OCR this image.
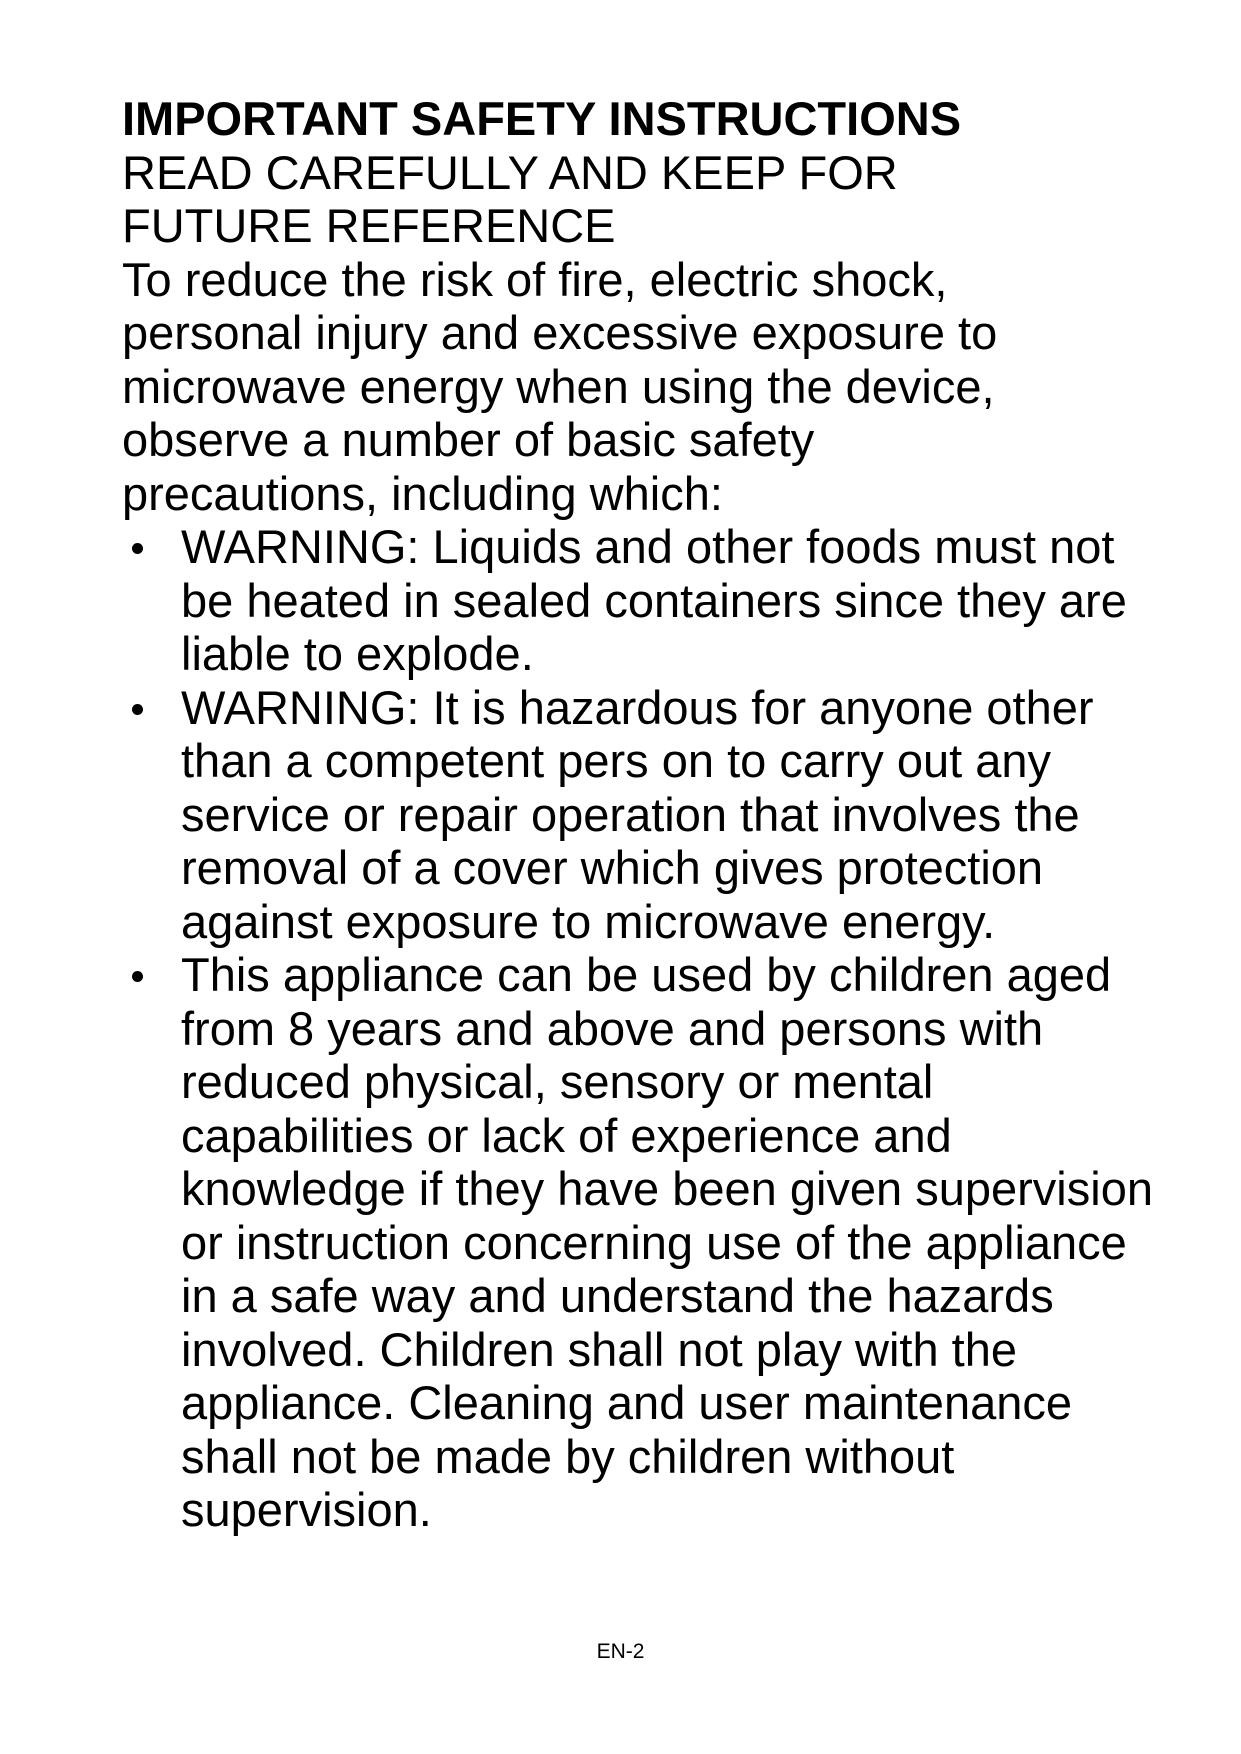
IMPORTANT SAFETY INSTRUCTIONS

READ CAREFULLY AND KEEP FOR FUTURE REFERENCE

To reduce the risk of fire, electric shock, personal injury and excessive exposure to microwave energy when using the device, observe a number of basic safety precautions, including which:

WARNING: Liquids and other foods must not be heated in sealed containers since they are liable to explode.
WARNING: It is hazardous for anyone other than a competent pers on to carry out any service or repair operation that involves the removal of a cover which gives protection against exposure to microwave energy.
This appliance can be used by children aged from 8 years and above and persons with reduced physical, sensory or mental capabilities or lack of experience and knowledge if they have been given supervision or instruction concerning use of the appliance in a safe way and understand the hazards involved. Children shall not play with the appliance. Cleaning and user maintenance shall not be made by children without supervision.
EN-2
